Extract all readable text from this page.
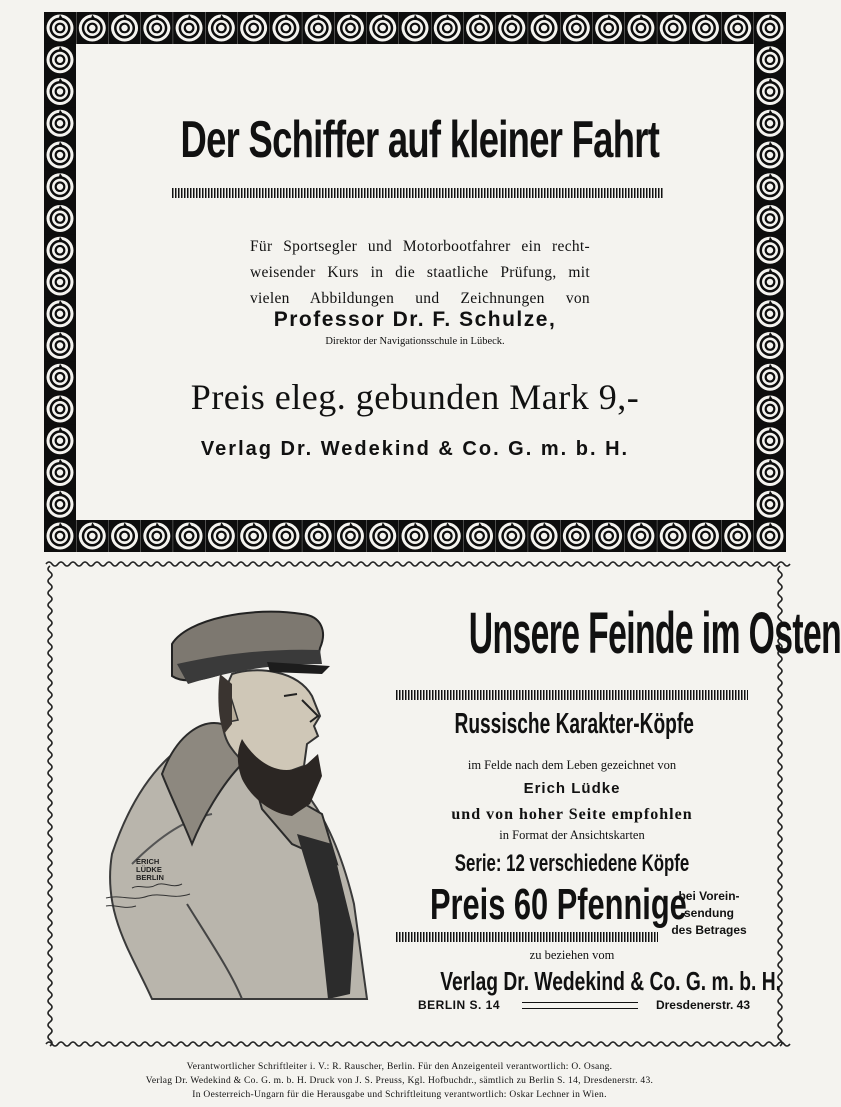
Der Schiffer auf kleiner Fahrt
Für Sportsegler und Motorbootfahrer ein recht-
weisender Kurs in die staatliche Prüfung, mit
vielen Abbildungen und Zeichnungen von
Professor Dr. F. Schulze,
Direktor der Navigationsschule in Lübeck.
Preis eleg. gebunden Mark 9,-
Verlag Dr. Wedekind & Co. G. m. b. H.
ERICH
LÜDKE
BERLIN
Unsere Feinde im Osten
Russische Karakter-Köpfe
im Felde nach dem Leben gezeichnet von
Erich Lüdke
und von hoher Seite empfohlen
in Format der Ansichtskarten
Serie: 12 verschiedene Köpfe
Preis 60 Pfennige
bei Vorein-
sendung
des Betrages
zu beziehen vom
Verlag Dr. Wedekind & Co. G. m. b. H.
BERLIN S. 14	Dresdenerstr. 43
Verantwortlicher Schriftleiter i. V.: R. Rauscher, Berlin. Für den Anzeigenteil verantwortlich: O. Osang.
Verlag Dr. Wedekind & Co. G. m. b. H. Druck von J. S. Preuss, Kgl. Hofbuchdr., sämtlich zu Berlin S. 14, Dresdenerstr. 43.
In Oesterreich-Ungarn für die Herausgabe und Schriftleitung verantwortlich: Oskar Lechner in Wien.
